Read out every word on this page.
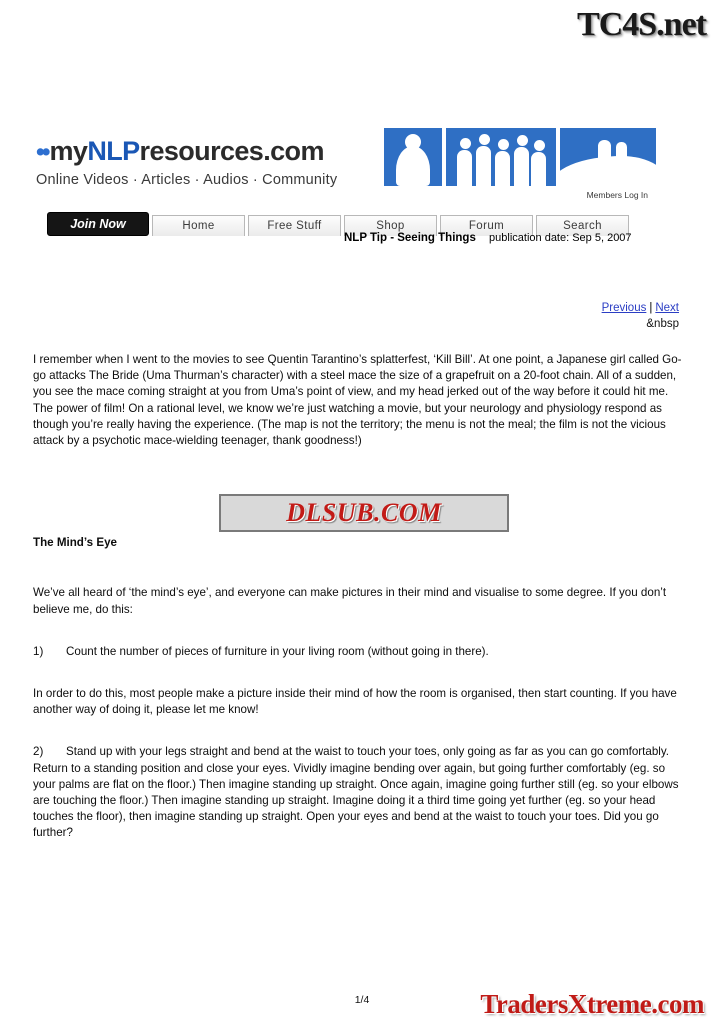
TC4S.net
••myNLPresources.com
Online Videos · Articles · Audios · Community
Members Log In
Join Now	Home	Free Stuff	Shop	Forum	Search
NLP Tip - Seeing Things publication date: Sep 5, 2007
Previous | Next
&nbsp

I remember when I went to the movies to see Quentin Tarantino’s splatterfest, ‘Kill Bill’. At one point, a Japanese girl called Go-go attacks The Bride (Uma Thurman’s character) with a steel mace the size of a grapefruit on a 20-foot chain. All of a sudden, you see the mace coming straight at you from Uma’s point of view, and my head jerked out of the way before it could hit me. The power of film! On a rational level, we know we’re just watching a movie, but your neurology and physiology respond as though you’re really having the experience. (The map is not the territory; the menu is not the meal; the film is not the vicious attack by a psychotic mace-wielding teenager, thank goodness!)

The Mind’s Eye

We’ve all heard of ‘the mind’s eye’, and everyone can make pictures in their mind and visualise to some degree. If you don’t believe me, do this:

1) Count the number of pieces of furniture in your living room (without going in there).

In order to do this, most people make a picture inside their mind of how the room is organised, then start counting. If you have another way of doing it, please let me know!

2) Stand up with your legs straight and bend at the waist to touch your toes, only going as far as you can go comfortably. Return to a standing position and close your eyes. Vividly imagine bending over again, but going further comfortably (eg. so your palms are flat on the floor.) Then imagine standing up straight. Once again, imagine going further still (eg. so your elbows are touching the floor.) Then imagine standing up straight. Imagine doing it a third time going yet further (eg. so your head touches the floor), then imagine standing up straight. Open your eyes and bend at the waist to touch your toes. Did you go further?

DLSUB.COM
1/4	TradersXtreme.com
